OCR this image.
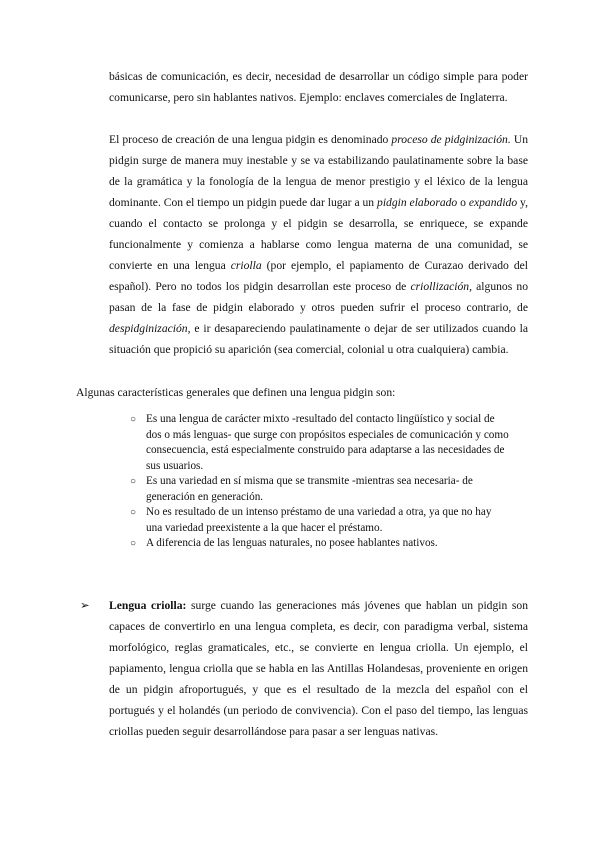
básicas de comunicación, es decir, necesidad de desarrollar un código simple para poder comunicarse, pero sin hablantes nativos. Ejemplo: enclaves comerciales de Inglaterra.

El proceso de creación de una lengua pidgin es denominado proceso de pidginización. Un pidgin surge de manera muy inestable y se va estabilizando paulatinamente sobre la base de la gramática y la fonología de la lengua de menor prestigio y el léxico de la lengua dominante. Con el tiempo un pidgin puede dar lugar a un pidgin elaborado o expandido y, cuando el contacto se prolonga y el pidgin se desarrolla, se enriquece, se expande funcionalmente y comienza a hablarse como lengua materna de una comunidad, se convierte en una lengua criolla (por ejemplo, el papiamento de Curazao derivado del español). Pero no todos los pidgin desarrollan este proceso de criollización, algunos no pasan de la fase de pidgin elaborado y otros pueden sufrir el proceso contrario, de despidginización, e ir desapareciendo paulatinamente o dejar de ser utilizados cuando la situación que propició su aparición (sea comercial, colonial u otra cualquiera) cambia.

Algunas características generales que definen una lengua pidgin son:

○ Es una lengua de carácter mixto -resultado del contacto lingüístico y social de dos o más lenguas- que surge con propósitos especiales de comunicación y como consecuencia, está especialmente construido para adaptarse a las necesidades de sus usuarios.
○ Es una variedad en sí misma que se transmite -mientras sea necesaria- de generación en generación.
○ No es resultado de un intenso préstamo de una variedad a otra, ya que no hay una variedad preexistente a la que hacer el préstamo.
○ A diferencia de las lenguas naturales, no posee hablantes nativos.
➢ Lengua criolla: surge cuando las generaciones más jóvenes que hablan un pidgin son capaces de convertirlo en una lengua completa, es decir, con paradigma verbal, sistema morfológico, reglas gramaticales, etc., se convierte en lengua criolla. Un ejemplo, el papiamento, lengua criolla que se habla en las Antillas Holandesas, proveniente en origen de un pidgin afroportugués, y que es el resultado de la mezcla del español con el portugués y el holandés (un periodo de convivencia). Con el paso del tiempo, las lenguas criollas pueden seguir desarrollándose para pasar a ser lenguas nativas.
